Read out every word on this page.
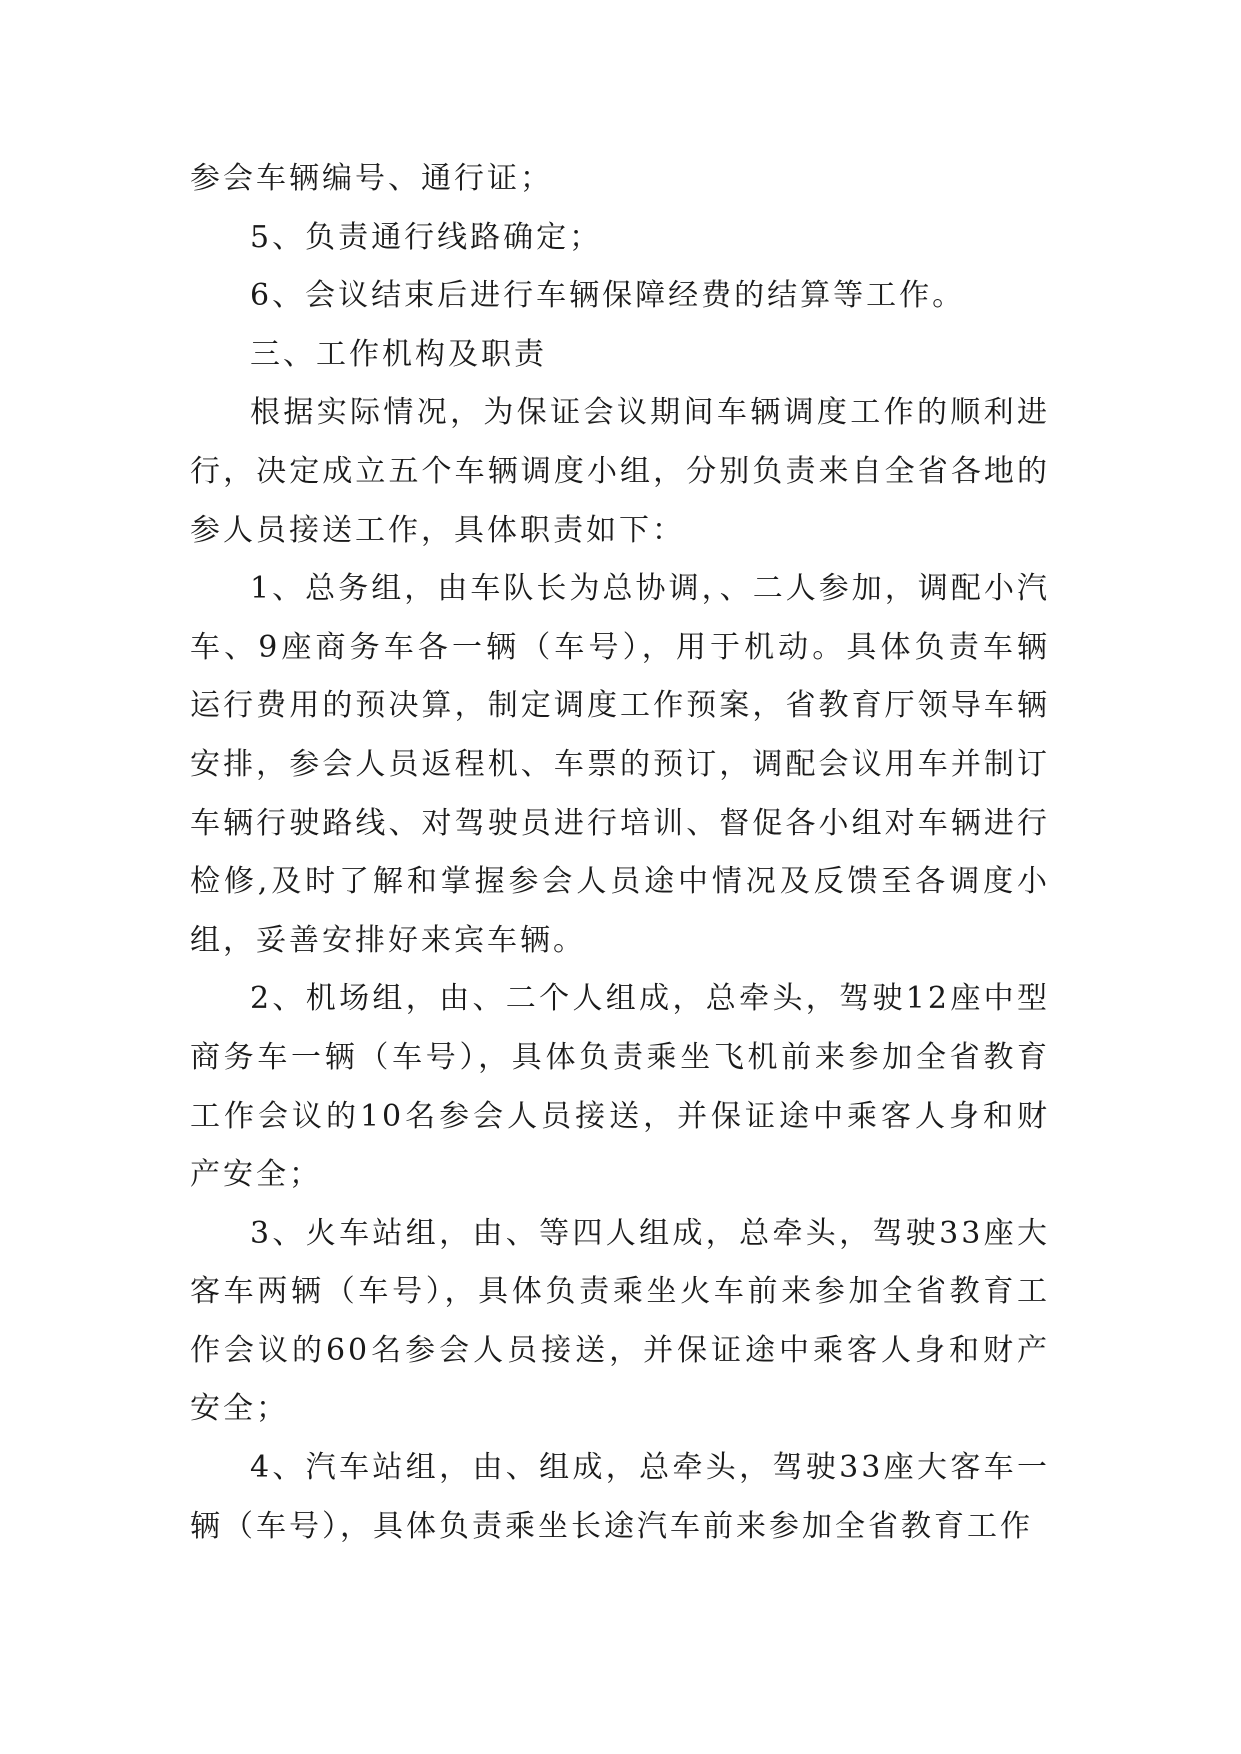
参会车辆编号、通行证；

5、负责通行线路确定；

6、会议结束后进行车辆保障经费的结算等工作。

三、工作机构及职责

根据实际情况，为保证会议期间车辆调度工作的顺利进行，决定成立五个车辆调度小组，分别负责来自全省各地的参人员接送工作，具体职责如下：

1、总务组，由车队长为总协调，、二人参加，调配小汽车、9座商务车各一辆（车号），用于机动。具体负责车辆运行费用的预决算，制定调度工作预案，省教育厅领导车辆安排，参会人员返程机、车票的预订，调配会议用车并制订车辆行驶路线、对驾驶员进行培训、督促各小组对车辆进行检修,及时了解和掌握参会人员途中情况及反馈至各调度小组，妥善安排好来宾车辆。

2、机场组，由、二个人组成，总牵头，驾驶12座中型商务车一辆（车号），具体负责乘坐飞机前来参加全省教育工作会议的10名参会人员接送，并保证途中乘客人身和财产安全；

3、火车站组，由、等四人组成，总牵头，驾驶33座大客车两辆（车号），具体负责乘坐火车前来参加全省教育工作会议的60名参会人员接送，并保证途中乘客人身和财产安全；

4、汽车站组，由、组成，总牵头，驾驶33座大客车一辆（车号），具体负责乘坐长途汽车前来参加全省教育工作
